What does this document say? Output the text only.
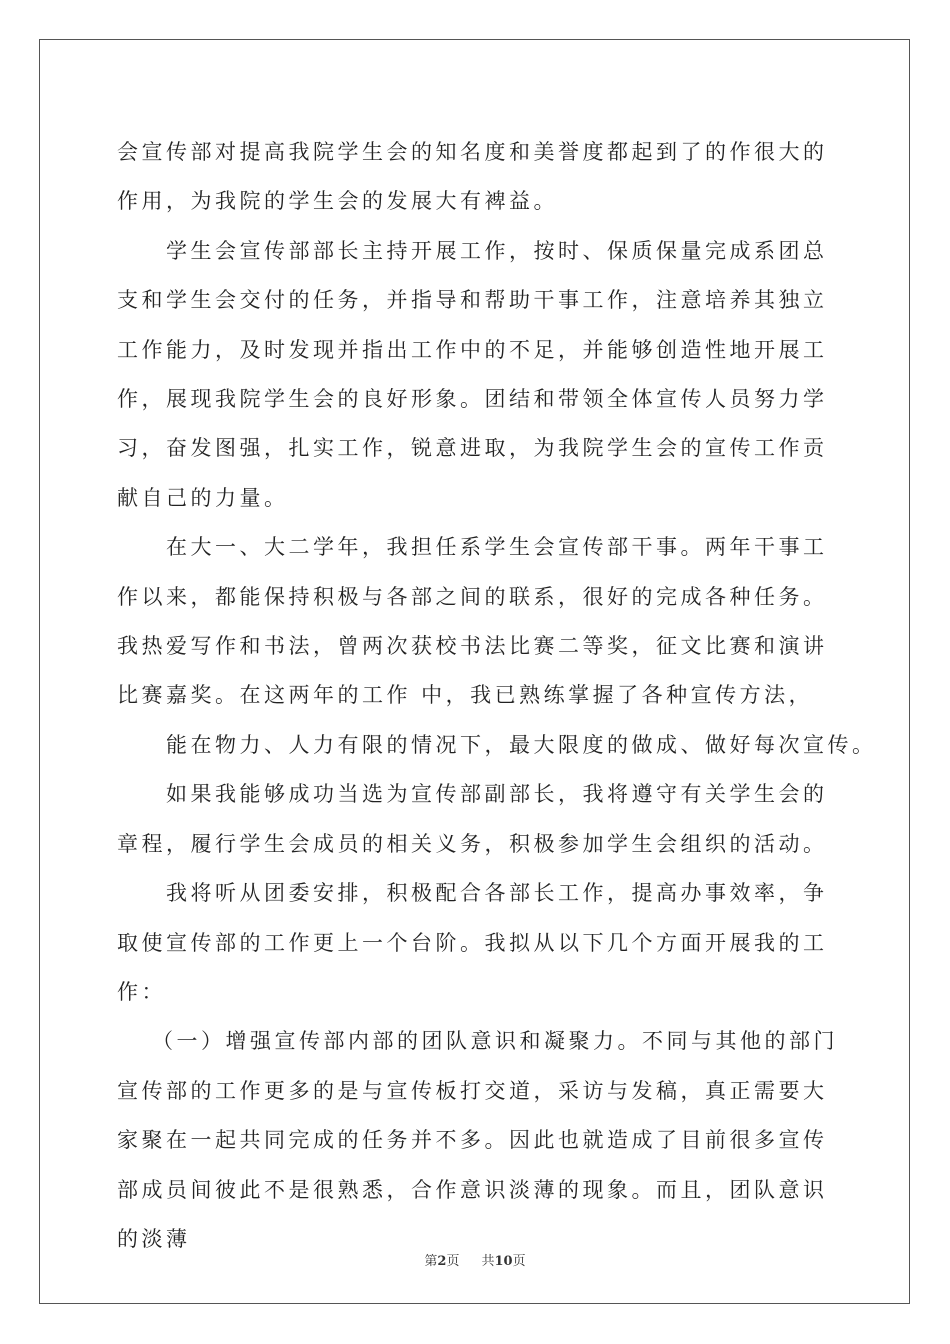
会宣传部对提高我院学生会的知名度和美誉度都起到了的作很大的作用，为我院的学生会的发展大有裨益。

学生会宣传部部长主持开展工作，按时、保质保量完成系团总支和学生会交付的任务，并指导和帮助干事工作，注意培养其独立工作能力，及时发现并指出工作中的不足，并能够创造性地开展工作，展现我院学生会的良好形象。团结和带领全体宣传人员努力学习，奋发图强，扎实工作，锐意进取，为我院学生会的宣传工作贡献自己的力量。

在大一、大二学年，我担任系学生会宣传部干事。两年干事工作以来，都能保持积极与各部之间的联系，很好的完成各种任务。我热爱写作和书法，曾两次获校书法比赛二等奖，征文比赛和演讲比赛嘉奖。在这两年的工作 中，我已熟练掌握了各种宣传方法，

能在物力、人力有限的情况下，最大限度的做成、做好每次宣传。

如果我能够成功当选为宣传部副部长，我将遵守有关学生会的章程，履行学生会成员的相关义务，积极参加学生会组织的活动。

我将听从团委安排，积极配合各部长工作，提高办事效率，争取使宣传部的工作更上一个台阶。我拟从以下几个方面开展我的工作：

（一）增强宣传部内部的团队意识和凝聚力。不同与其他的部门宣传部的工作更多的是与宣传板打交道，采访与发稿，真正需要大家聚在一起共同完成的任务并不多。因此也就造成了目前很多宣传部成员间彼此不是很熟悉，合作意识淡薄的现象。而且，团队意识的淡薄

第2页 共10页
